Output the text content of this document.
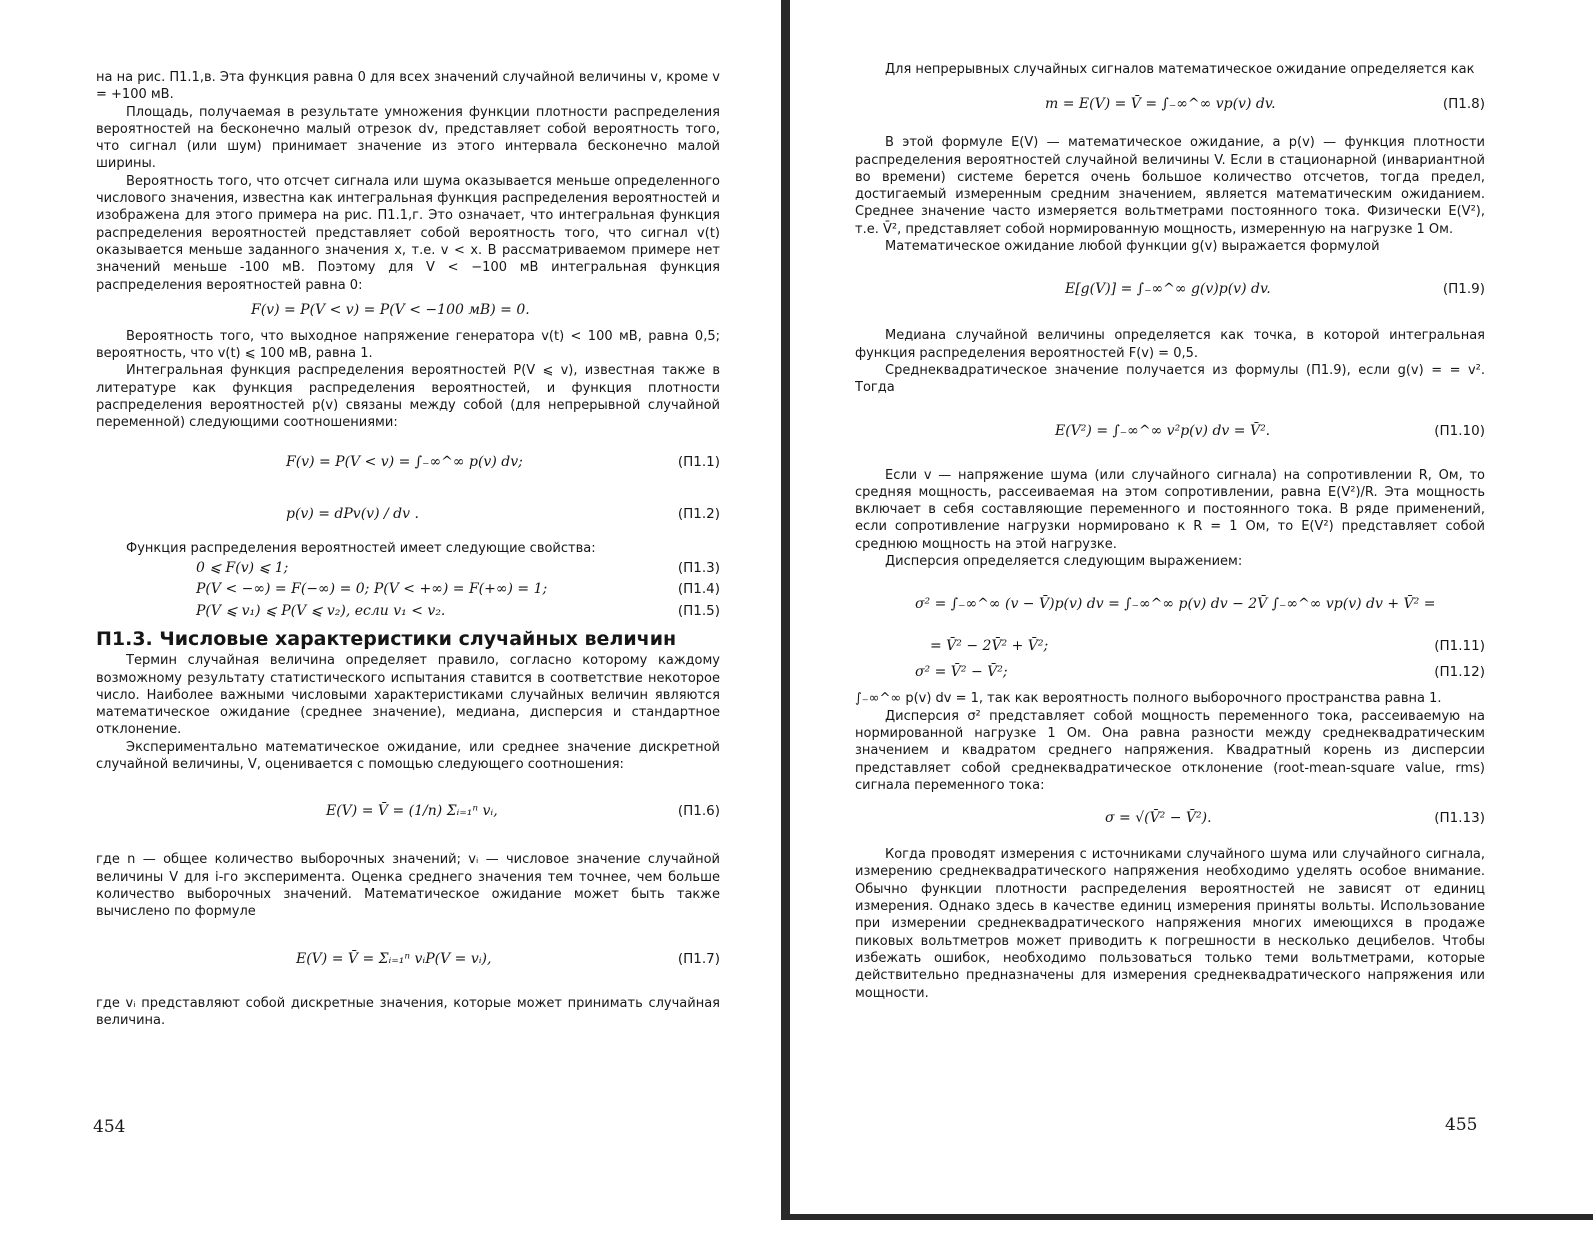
на на рис. П1.1,в. Эта функция равна 0 для всех значений случайной величины v, кроме v = +100 мВ.

Площадь, получаемая в результате умножения функции плотности распределения вероятностей на бесконечно малый отрезок dv, представляет собой вероятность того, что сигнал (или шум) принимает значение из этого интервала бесконечно малой ширины.

Вероятность того, что отсчет сигнала или шума оказывается меньше определенного числового значения, известна как интегральная функция распределения вероятностей и изображена для этого примера на рис. П1.1,г. Это означает, что интегральная функция распределения вероятностей представляет собой вероятность того, что сигнал v(t) оказывается меньше заданного значения x, т.е. v < x. В рассматриваемом примере нет значений меньше -100 мВ. Поэтому для V < −100 мВ интегральная функция распределения вероятностей равна 0:

F(v) = P(V < v) = P(V < −100 мВ) = 0.

Вероятность того, что выходное напряжение генератора v(t) < 100 мВ, равна 0,5; вероятность, что v(t) ⩽ 100 мВ, равна 1.

Интегральная функция распределения вероятностей P(V ⩽ v), известная также в литературе как функция распределения вероятностей, и функция плотности распределения вероятностей p(v) связаны между собой (для непрерывной случайной переменной) следующими соотношениями:

F(v) = P(V < v) = ∫₋∞^∞ p(v) dv;	(П1.1)
p(v) = dPv(v) / dv .	(П1.2)

Функция распределения вероятностей имеет следующие свойства:

0 ⩽ F(v) ⩽ 1;	(П1.3)
P(V < −∞) = F(−∞) = 0; P(V < +∞) = F(+∞) = 1;	(П1.4)
P(V ⩽ v₁) ⩽ P(V ⩽ v₂), если v₁ < v₂.	(П1.5)
П1.3. Числовые характеристики случайных величин

Термин случайная величина определяет правило, согласно которому каждому возможному результату статистического испытания ставится в соответствие некоторое число. Наиболее важными числовыми характеристиками случайных величин являются математическое ожидание (среднее значение), медиана, дисперсия и стандартное отклонение.

Экспериментально математическое ожидание, или среднее значение дискретной случайной величины, V, оценивается с помощью следующего соотношения:

E(V) = V̄ = (1/n) Σᵢ₌₁ⁿ vᵢ,	(П1.6)

где n — общее количество выборочных значений; vᵢ — числовое значение случайной величины V для i-го эксперимента. Оценка среднего значения тем точнее, чем больше количество выборочных значений. Математическое ожидание может быть также вычислено по формуле

E(V) = V̄ = Σᵢ₌₁ⁿ vᵢP(V = vᵢ),	(П1.7)

где vᵢ представляют собой дискретные значения, которые может принимать случайная величина.

454

Для непрерывных случайных сигналов математическое ожидание определяется как

m = E(V) = V̄ = ∫₋∞^∞ vp(v) dv.	(П1.8)

В этой формуле E(V) — математическое ожидание, а p(v) — функция плотности распределения вероятностей случайной величины V. Если в стационарной (инвариантной во времени) системе берется очень большое количество отсчетов, тогда предел, достигаемый измеренным средним значением, является математическим ожиданием. Среднее значение часто измеряется вольтметрами постоянного тока. Физически E(V²), т.е. V̄², представляет собой нормированную мощность, измеренную на нагрузке 1 Ом.

Математическое ожидание любой функции g(v) выражается формулой

E[g(V)] = ∫₋∞^∞ g(v)p(v) dv.	(П1.9)

Медиана случайной величины определяется как точка, в которой интегральная функция распределения вероятностей F(v) = 0,5.

Среднеквадратическое значение получается из формулы (П1.9), если g(v) = = v². Тогда

E(V²) = ∫₋∞^∞ v²p(v) dv = V̄².	(П1.10)

Если v — напряжение шума (или случайного сигнала) на сопротивлении R, Ом, то средняя мощность, рассеиваемая на этом сопротивлении, равна E(V²)/R. Эта мощность включает в себя составляющие переменного и постоянного тока. В ряде применений, если сопротивление нагрузки нормировано к R = 1 Ом, то E(V²) представляет собой среднюю мощность на этой нагрузке.

Дисперсия определяется следующим выражением:

σ² = ∫₋∞^∞ (v − V̄)p(v) dv = ∫₋∞^∞ p(v) dv − 2V̄ ∫₋∞^∞ vp(v) dv + V̄² =
= V̄² − 2V̄² + V̄²;	(П1.11)
σ² = V̄² − V̄²;	(П1.12)

∫₋∞^∞ p(v) dv = 1, так как вероятность полного выборочного пространства равна 1.

Дисперсия σ² представляет собой мощность переменного тока, рассеиваемую на нормированной нагрузке 1 Ом. Она равна разности между среднеквадратическим значением и квадратом среднего напряжения. Квадратный корень из дисперсии представляет собой среднеквадратическое отклонение (root-mean-square value, rms) сигнала переменного тока:

σ = √(V̄² − V̄²).	(П1.13)

Когда проводят измерения с источниками случайного шума или случайного сигнала, измерению среднеквадратического напряжения необходимо уделять особое внимание. Обычно функции плотности распределения вероятностей не зависят от единиц измерения. Однако здесь в качестве единиц измерения приняты вольты. Использование при измерении среднеквадратического напряжения многих имеющихся в продаже пиковых вольтметров может приводить к погрешности в несколько децибелов. Чтобы избежать ошибок, необходимо пользоваться только теми вольтметрами, которые действительно предназначены для измерения среднеквадратического напряжения или мощности.

455
